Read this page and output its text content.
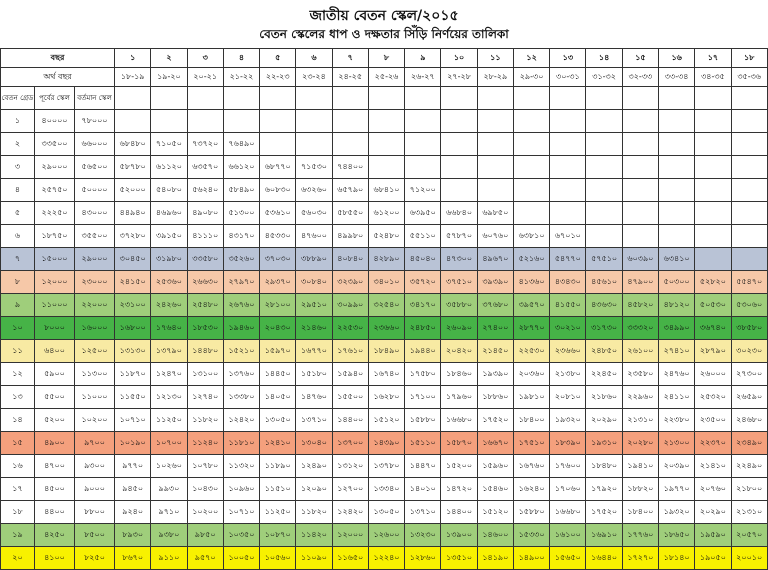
জাতীয় বেতন স্কেল/২০১৫
বেতন স্কেলের ধাপ ও দক্ষতার সিঁড়ি নির্ণয়ের তালিকা
বছর			১	২	৩	৪	৫	৬	৭	৮	৯	১০	১১	১২	১৩	১৪	১৫	১৬	১৭	১৮
অর্থ বছর			১৮-১৯	১৯-২০	২০-২১	২১-২২	২২-২৩	২৩-২৪	২৪-২৫	২৫-২৬	২৬-২৭	২৭-২৮	২৮-২৯	২৯-৩০	৩০-৩১	৩১-৩২	৩২-৩৩	৩৩-৩৪	৩৪-৩৫	৩৫-৩৬
বেতন গ্রেড	পূর্বের স্কেল	বর্তমান স্কেল																		
১	৪০০০০	৭৮০০০																		
২	৩৩৫০০	৬৬০০০	৬৮৪৮০	৭১০৫০	৭৩৭২০	৭৬৪৯০														
৩	২৯০০০	৫৬৫০০	৫৮৭৮০	৬১১২০	৬৩৫৭০	৬৬১২০	৬৮৭৭০	৭১৫৩০	৭৪৪০০											
৪	২৫৭৫০	৫০০০০	৫২০০০	৫৪০৮০	৫৬২৪০	৫৮৪৯০	৬০৮৩০	৬৩২৬০	৬৫৭৯০	৬৮৪১০	৭১২০০									
৫	২২২৫০	৪৩০০০	৪৪৯৪০	৪৬৯৬০	৪৯০৮০	৫১৩০০	৫৩৬১০	৫৬০৩০	৫৮৫৫০	৬১২০০	৬৩৯৫০	৬৬৮৪০	৬৯৮৫০							
৬	১৮৭৫০	৩৫৫০০	৩৭২৮০	৩৯১৫০	৪১১১০	৪৩১৭০	৪৫৩৩০	৪৭৬০০	৪৯৯৮০	৫২৪৮০	৫৫১১০	৫৭৮৭০	৬০৭৬০	৬৩৮১০	৬৭০১০					
৭	১৫০০০	২৯০০০	৩০৪৫০	৩১৯৮০	৩৩৫৮০	৩৫২৬০	৩৭০৩০	৩৮৮৯০	৪০৮৪০	৪২৮৯০	৪৫০৪০	৪৭৩০০	৪৯৬৭০	৫২১৬০	৫৪৭৭০	৫৭৫১০	৬০৩৯০	৬৩৪১০		
৮	১২০০০	২৩০০০	২৪১৫০	২৫৩৬০	২৬৬৩০	২৭৯৭০	২৯৩৭০	৩০৮৪০	৩২৩৯০	৩৪০১০	৩৫৭২০	৩৭৫১০	৩৯৩৯০	৪১৩৬০	৪৩৪৩০	৪৫৬১০	৪৭৯০০	৫০৩০০	৫২৮২০	৫৫৪৭০
৯	১১০০০	২২০০০	২৩১০০	২৪২৬০	২৫৪৮০	২৬৭৬০	২৮১০০	২৯৫১০	৩০৯৯০	৩২৫৪০	৩৪১৭০	৩৫৮৮০	৩৭৬৮০	৩৯৫৭০	৪১৫৫০	৪৩৬৩০	৪৫৮২০	৪৮১২০	৫০৫৩০	৫৩০৬০
১০	৮০০০	১৬০০০	১৬৮০০	১৭৬৪০	১৮৫৩০	১৯৪৬০	২০৪৩০	২১৪৬০	২২৫৩০	২৩৬৬০	২৪৮৫০	২৬০৯০	২৭৪০০	২৮৭৭০	৩০২১০	৩১৭৩০	৩৩৩২০	৩৪৯৯০	৩৬৭৪০	৩৮৫৮০
১১	৬৪০০	১২৫০০	১৩১৩০	১৩৭৯০	১৪৪৮০	১৫২১০	১৫৯৭০	১৬৭৭০	১৭৬১০	১৮৪৯০	১৯৪৪০	২০৪২০	২১৪৫০	২২৫৩০	২৩৬৬০	২৪৮৫০	২৬১০০	২৭৪১০	২৮৭৯০	৩০২৩০
১২	৫৯০০	১১৩০০	১১৮৭০	১২৪৭০	১৩১০০	১৩৭৬০	১৪৪৫০	১৫১৮০	১৫৯৪০	১৬৭৪০	১৭৫৮০	১৮৪৬০	১৯৩৯০	২০৩৬০	২১৩৮০	২২৪৫০	২৩৫৮০	২৪৭৬০	২৬০০০	২৭৩০০
১৩	৫৫০০	১১০০০	১১৫৫০	১২১৩০	১২৭৪০	১৩৩৮০	১৪০৫০	১৪৭৬০	১৫৫০০	১৬২৮০	১৭১০০	১৭৯৬০	১৮৮৬০	১৯৮১০	২০৮১০	২১৮৬০	২২৯৬০	২৪১১০	২৫৩২০	২৬৫৯০
১৪	৫২০০	১০২০০	১০৭১০	১১২৫০	১১৮২০	১২৪২০	১৩০৫০	১৩৭১০	১৪৪০০	১৫১২০	১৫৮৮০	১৬৬৮০	১৭৫২০	১৮৪০০	১৯৩২০	২০২৯০	২১৩১০	২২৩৮০	২৩৫০০	২৪৬৮০
১৫	৪৯০০	৯৭০০	১০১৯০	১০৭০০	১১২৪০	১১৮১০	১২৪১০	১৩০৪০	১৩৭০০	১৪৩৯০	১৫১১০	১৫৮৭০	১৬৬৭০	১৭৫১০	১৮৩৯০	১৯৩১০	২০২৮০	২১৩০০	২২৩৭০	২৩৪৯০
১৬	৪৭০০	৯৩০০	৯৭৭০	১০২৬০	১০৭৮০	১১৩২০	১১৮৯০	১২৪৯০	১৩১২০	১৩৭৮০	১৪৪৭০	১৫২০০	১৫৯৬০	১৬৭৬০	১৭৬০০	১৮৪৮০	১৯৪১০	২০৩৯০	২১৪১০	২২৪৯০
১৭	৪৫০০	৯০০০	৯৪৫০	৯৯৩০	১০৪৩০	১০৯৬০	১১৫১০	১২০৯০	১২৭০০	১৩৩৪০	১৪০১০	১৪৭২০	১৫৪৬০	১৬২৪০	১৭০৬০	১৭৯২০	১৮৮২০	১৯৭৭০	২০৭৬০	২১৮০০
১৮	৪৪০০	৮৮০০	৯২৪০	৯৭১০	১০২০০	১০৭১০	১১২৫০	১১৮২০	১২৪২০	১৩০৫০	১৩৭১০	১৪৪০০	১৫১২০	১৫৮৮০	১৬৬৮০	১৭৫২০	১৮৪০০	১৯৩২০	২০২৯০	২১৩১০
১৯	৪২৫০	৮৫০০	৮৯৩০	৯৩৮০	৯৮৫০	১০৩৫০	১০৮৭০	১১৪২০	১২০০০	১২৬০০	১৩২৩০	১৩৯০০	১৪৬০০	১৫৩৩০	১৬১০০	১৬৯১০	১৭৭৬০	১৮৬৫০	১৯৫৯০	২০৫৭০
২০	৪১০০	৮২৫০	৮৬৭০	৯১১০	৯৫৭০	১০০৫০	১০৫৬০	১১০৯০	১১৬৫০	১২২৪০	১২৮৬০	১৩৫১০	১৪১৯০	১৪৯০০	১৫৬৫০	১৬৪৪০	১৭২৭০	১৮১৪০	১৯০৫০	২০০১০
